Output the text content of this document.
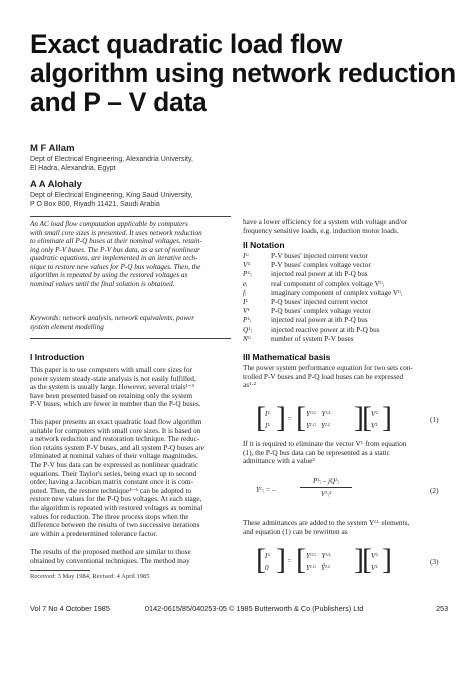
Exact quadratic load flow
algorithm using network reduction
and P – V data
M F Allam
Dept of Electrical Engineering, Alexandria University,
El Hadra, Alexandria, Egypt
A A Alohaly
Dept of Electrical Engineering, King Saud University,
P O Box 800, Riyadh 11421, Saudi Arabia
An AC load flow computation applicable by computers
with small core sizes is presented. It uses network reduction
to eliminate all P-Q buses at their nominal voltages, retain-
ing only P-V buses. The P-V bus data, as a set of nonlinear
quadratic equations, are implemented in an iterative tech-
nique to restore new values for P-Q bus voltages. Then, the
algorithm is repeated by using the restored voltages as
nominal values until the final solution is obtained.
Keywords: network analysis, network equivalents, power
system element modelling
I Introduction
This paper is to use computers with small core sizes for
power system steady-state analysis is not easily fulfilled,
as the system is usually large. However, several trials¹⁻³
have been presented based on retaining only the system
P-V buses, which are fewer in number than the P-Q buses.
This paper presents an exact quadratic load flow algorithm
suitable for computers with small core sizes. It is based on
a network reduction and restoration technique. The reduc-
tion retains system P-V buses, and all system P-Q buses are
eliminated at nominal values of their voltage magnitudes.
The P-V bus data can be expressed as nonlinear quadratic
equations. Their Taylor's series, being exact up to second
order, having a Jacobian matrix constant once it is com-
puted. Then, the restore technique⁴⁻⁶ can be adopted to
restore new values for the P-Q bus voltages. At each stage,
the algorithm is repeated with restored voltages as nominal
values for reduction. The three process stops when the
difference between the results of two successive iterations
are within a predetermined tolerance factor.
The results of the proposed method are similar to those
obtained by conventional techniques. The method may
Received: 3 May 1984, Revised: 4 April 1985
have a lower efficiency for a system with voltage and/or
frequency sensitive loads, e.g. induction motor loads.
II Notation
Iᴳ	P-V buses' injected current vector
Vᴳ	P-V buses' complex voltage vector
Pᴳᵢ	injected real power at ith P-Q bus
eᵢ	real component of complex voltage Vᴳᵢ
fᵢ	imaginary component of complex voltage Vᴳᵢ
Iᴸ	P-Q buses' injected current vector
Vᴸ	P-Q buses' complex voltage vector
Pᴸᵢ	injected real power at ith P-Q bus
Qᴸᵢ	injected reactive power at ith P-Q bus
Nᴳ	number of system P-V buses
III Mathematical basis
The power system performance equation for two sets con-
trolled P-V buses and P-Q load buses can be expressed
as¹·²
[ Iᴳ
Iᴸ ] = [ Yᴳᴳ Yᴳᴸ
Yᴸᴳ Yᴸᴸ ]
[ Vᴳ
Vᴸ ]	(1)
If it is required to eliminate the vector Vᴸ from equation
(1), the P-Q bus data can be represented as a static
admittance with a value³
Yᴸᵢ = –
Pᴸᵢ – jQᴸᵢ
Vᴸᵢ²	(2)
These admittances are added to the system Yᴸᴸ elements,
and equation (1) can be rewritten as
[ Iᴳ
0 ] = [ Yᴳᴳ Yᴳᴸ
Yᴸᴳ Ŷᴸᴸ ]
[ Vᴳ
Vᴸ ]	(3)
Vol 7 No 4 October 1985	0142-0615/85/040253-05 © 1985 Butterworth & Co (Publishers) Ltd	253
